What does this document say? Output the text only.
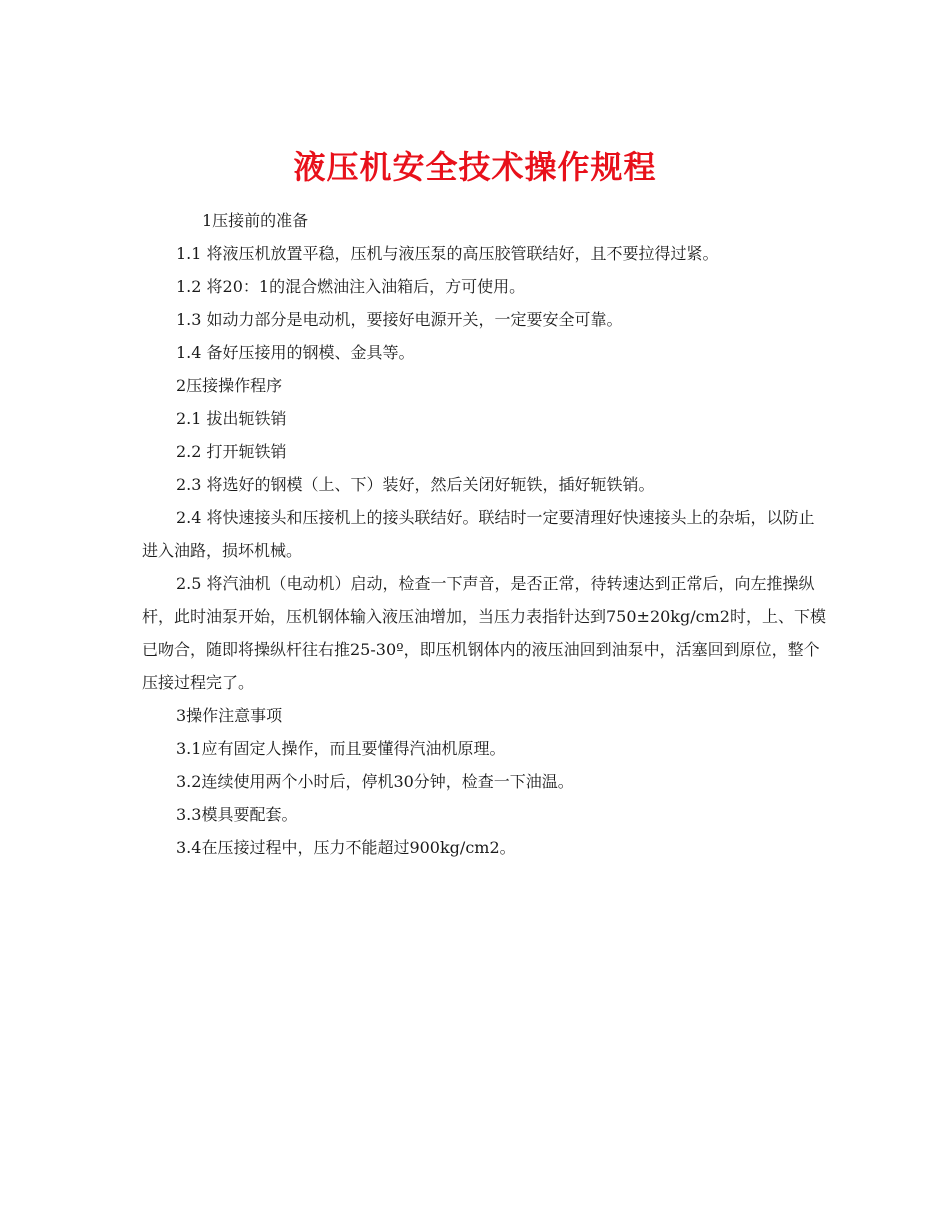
液压机安全技术操作规程

1压接前的准备

1.1 将液压机放置平稳，压机与液压泵的高压胶管联结好，且不要拉得过紧。

1.2 将20：1的混合燃油注入油箱后，方可使用。

1.3 如动力部分是电动机，要接好电源开关，一定要安全可靠。

1.4 备好压接用的钢模、金具等。

2压接操作程序

2.1 拔出轭铁销

2.2 打开轭铁销

2.3 将选好的钢模（上、下）装好，然后关闭好轭铁，插好轭铁销。

2.4 将快速接头和压接机上的接头联结好。联结时一定要清理好快速接头上的杂垢，以防止进入油路，损坏机械。

2.5 将汽油机（电动机）启动，检查一下声音，是否正常，待转速达到正常后，向左推操纵杆，此时油泵开始，压机钢体输入液压油增加，当压力表指针达到750±20kg/cm2时，上、下模已吻合，随即将操纵杆往右推25-30º，即压机钢体内的液压油回到油泵中，活塞回到原位，整个压接过程完了。

3操作注意事项

3.1应有固定人操作，而且要懂得汽油机原理。

3.2连续使用两个小时后，停机30分钟，检查一下油温。

3.3模具要配套。

3.4在压接过程中，压力不能超过900kg/cm2。
